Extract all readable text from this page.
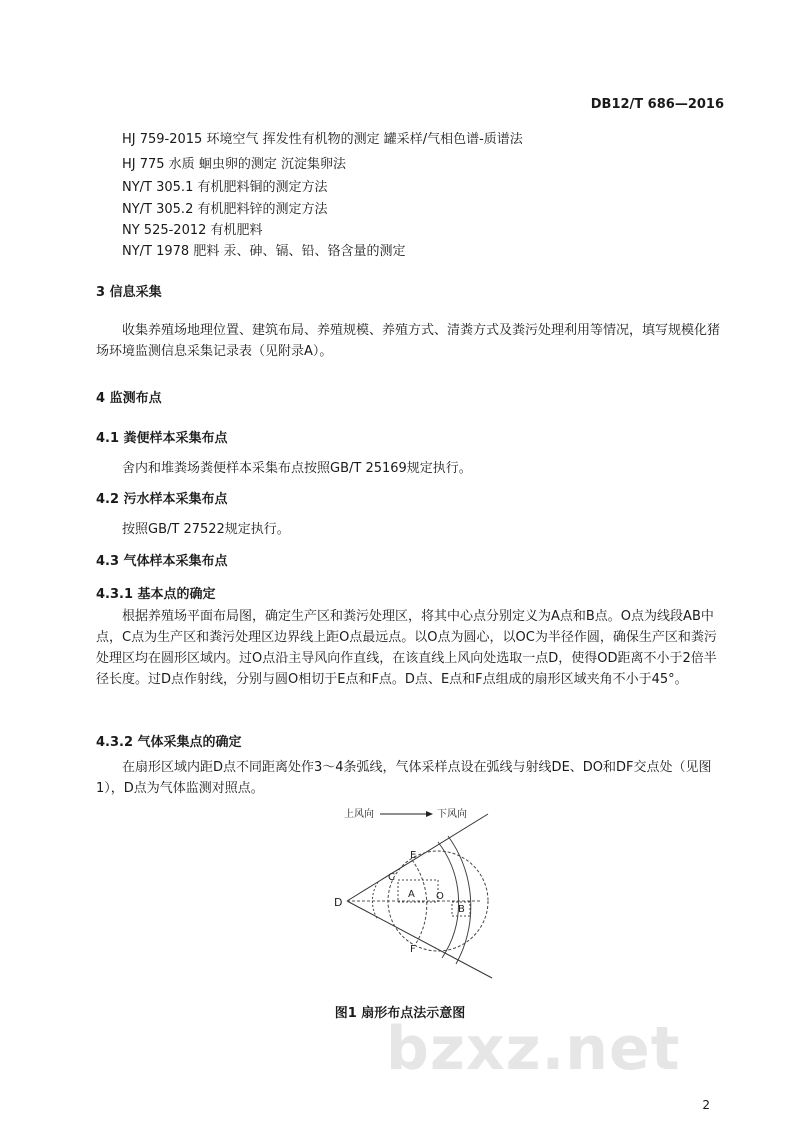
DB12/T 686—2016
HJ 759-2015 环境空气 挥发性有机物的测定 罐采样/气相色谱-质谱法
HJ 775 水质 蛔虫卵的测定 沉淀集卵法
NY/T 305.1 有机肥料铜的测定方法
NY/T 305.2 有机肥料锌的测定方法
NY 525-2012 有机肥料
NY/T 1978 肥料 汞、砷、镉、铅、铬含量的测定
3 信息采集
收集养殖场地理位置、建筑布局、养殖规模、养殖方式、清粪方式及粪污处理利用等情况，填写规模化猪场环境监测信息采集记录表（见附录A）。
4 监测布点
4.1 粪便样本采集布点
舍内和堆粪场粪便样本采集布点按照GB/T 25169规定执行。
4.2 污水样本采集布点
按照GB/T 27522规定执行。
4.3 气体样本采集布点
4.3.1 基本点的确定
根据养殖场平面布局图，确定生产区和粪污处理区，将其中心点分别定义为A点和B点。O点为线段AB中点，C点为生产区和粪污处理区边界线上距O点最远点。以O点为圆心，以OC为半径作圆，确保生产区和粪污处理区均在圆形区域内。过O点沿主导风向作直线，在该直线上风向处选取一点D，使得OD距离不小于2倍半径长度。过D点作射线，分别与圆O相切于E点和F点。D点、E点和F点组成的扇形区域夹角不小于45°。
4.3.2 气体采集点的确定
在扇形区域内距D点不同距离处作3～4条弧线，气体采样点设在弧线与射线DE、DO和DF交点处（见图1），D点为气体监测对照点。
上风向	下风向
D
E
F
C
A O
B
bzxz.net
图1 扇形布点法示意图
2
